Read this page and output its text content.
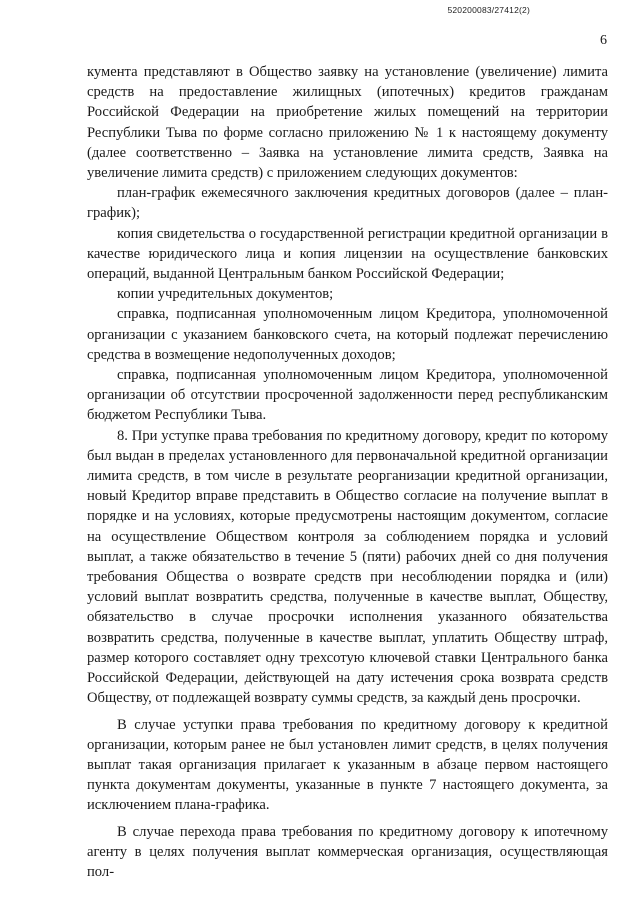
520200083/27412(2)
6

кумента представляют в Общество заявку на установление (увеличение) лимита средств на предоставление жилищных (ипотечных) кредитов гражданам Российской Федерации на приобретение жилых помещений на территории Республики Тыва по форме согласно приложению № 1 к настоящему документу (далее соответственно – Заявка на установление лимита средств, Заявка на увеличение лимита средств) с приложением следующих документов:

план-график ежемесячного заключения кредитных договоров (далее – план-график);

копия свидетельства о государственной регистрации кредитной организации в качестве юридического лица и копия лицензии на осуществление банковских операций, выданной Центральным банком Российской Федерации;

копии учредительных документов;

справка, подписанная уполномоченным лицом Кредитора, уполномоченной организации с указанием банковского счета, на который подлежат перечислению средства в возмещение недополученных доходов;

справка, подписанная уполномоченным лицом Кредитора, уполномоченной организации об отсутствии просроченной задолженности перед республиканским бюджетом Республики Тыва.

8. При уступке права требования по кредитному договору, кредит по которому был выдан в пределах установленного для первоначальной кредитной организации лимита средств, в том числе в результате реорганизации кредитной организации, новый Кредитор вправе представить в Общество согласие на получение выплат в порядке и на условиях, которые предусмотрены настоящим документом, согласие на осуществление Обществом контроля за соблюдением порядка и условий выплат, а также обязательство в течение 5 (пяти) рабочих дней со дня получения требования Общества о возврате средств при несоблюдении порядка и (или) условий выплат возвратить средства, полученные в качестве выплат, Обществу, обязательство в случае просрочки исполнения указанного обязательства возвратить средства, полученные в качестве выплат, уплатить Обществу штраф, размер которого составляет одну трехсотую ключевой ставки Центрального банка Российской Федерации, действующей на дату истечения срока возврата средств Обществу, от подлежащей возврату суммы средств, за каждый день просрочки.

В случае уступки права требования по кредитному договору к кредитной организации, которым ранее не был установлен лимит средств, в целях получения выплат такая организация прилагает к указанным в абзаце первом настоящего пункта документам документы, указанные в пункте 7 настоящего документа, за исключением плана-графика.

В случае перехода права требования по кредитному договору к ипотечному агенту в целях получения выплат коммерческая организация, осуществляющая пол-
